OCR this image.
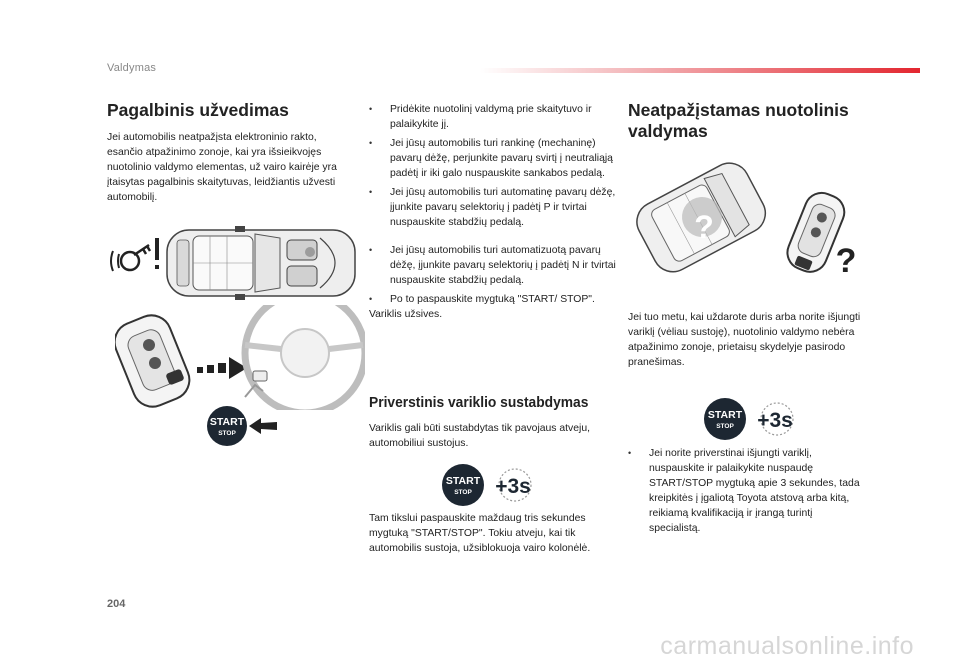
Valdymas
Pagalbinis užvedimas

Jei automobilis neatpažįsta elektroninio rakto, esančio atpažinimo zonoje, kai yra išsieikvojęs nuotolinio valdymo elementas, už vairo kairėje yra įtaisytas pagalbinis skaitytuvas, leidžiantis užvesti automobilį.

START
STOP

• Pridėkite nuotolinį valdymą prie skaitytuvo ir palaikykite jį.

• Jei jūsų automobilis turi rankinę (mechaninę) pavarų dėžę, perjunkite pavarų svirtį į neutraliąją padėtį ir iki galo nuspauskite sankabos pedalą.

• Jei jūsų automobilis turi automatinę pavarų dėžę, įjunkite pavarų selektorių į padėtį P ir tvirtai nuspauskite stabdžių pedalą.

• Jei jūsų automobilis turi automatizuotą pavarų dėžę, įjunkite pavarų selektorių į padėtį N ir tvirtai nuspauskite stabdžių pedalą.

• Po to paspauskite mygtuką "START/ STOP".

Variklis užsives.

Priverstinis variklio sustabdymas

Variklis gali būti sustabdytas tik pavojaus atveju, automobiliui sustojus.

START
STOP +3s

Tam tikslui paspauskite maždaug tris sekundes mygtuką "START/STOP". Tokiu atveju, kai tik automobilis sustoja, užsiblokuoja vairo kolonėlė.

Neatpažįstamas nuotolinis valdymas
?
?

Jei tuo metu, kai uždarote duris arba norite išjungti variklį (vėliau sustoję), nuotolinio valdymo nebėra atpažinimo zonoje, prietaisų skydelyje pasirodo pranešimas.

START
STOP +3s

• Jei norite priverstinai išjungti variklį, nuspauskite ir palaikykite nuspaudę START/STOP mygtuką apie 3 sekundes, tada kreipkitės į įgaliotą Toyota atstovą arba kitą, reikiamą kvalifikaciją ir įrangą turintį specialistą.

204
carmanualsonline.info
